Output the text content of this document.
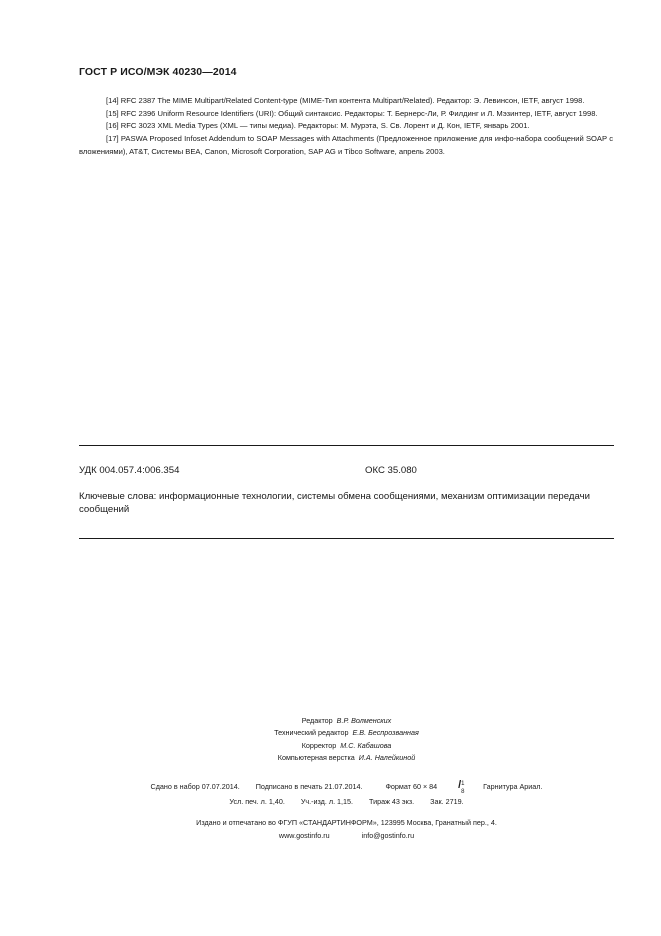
ГОСТ Р ИСО/МЭК 40230—2014

[14] RFC 2387 The MIME Multipart/Related Content-type (MIME-Тип контента Multipart/Related). Редактор: Э. Левинсон, IETF, август 1998.

[15] RFC 2396 Uniform Resource Identifiers (URI): Общий синтаксис. Редакторы: Т. Бернерс-Ли, Р. Филдинг и Л. Мэзинтер, IETF, август 1998.

[16] RFC 3023 XML Media Types (XML — типы медиа). Редакторы: М. Мурэта, S. Св. Лорент и Д. Кон, IETF, январь 2001.

[17] PASWA Proposed Infoset Addendum to SOAP Messages with Attachments (Предложенное приложение для инфо-набора сообщений SOAP с вложениями), AT&T, Системы BEA, Canon, Microsoft Corporation, SAP AG и Tibco Software, апрель 2003.

УДК 004.057.4:006.354	ОКС 35.080
Ключевые слова: информационные технологии, системы обмена сообщениями, механизм оптимизации передачи сообщений
Редактор В.Р. Волменских
Технический редактор Е.В. Беспрозванная
Корректор М.С. Кабашова
Компьютерная верстка И.А. Налейкиной
Сдано в набор 07.07.2014. Подписано в печать 21.07.2014.	Формат 60 × 84	1
/
8
Гарнитура Ариал.
Усл. печ. л. 1,40. Уч.-изд. л. 1,15. Тираж 43 экз. Зак. 2719.
Издано и отпечатано во ФГУП «СТАНДАРТИНФОРМ», 123995 Москва, Гранатный пер., 4.
www.gostinfo.ru	info@gostinfo.ru
